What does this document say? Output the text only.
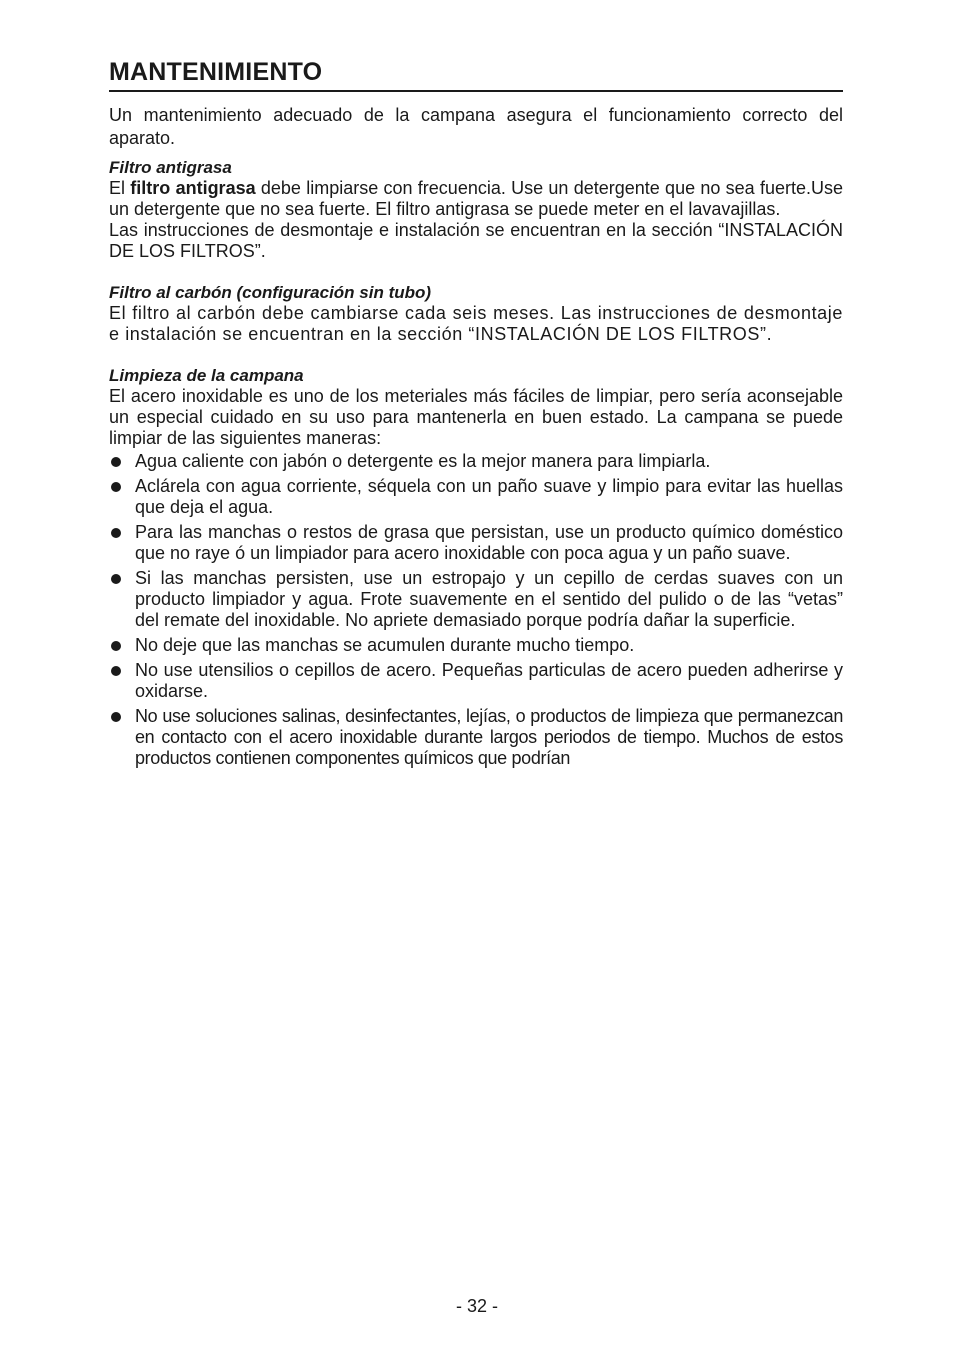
MANTENIMIENTO

Un mantenimiento adecuado de la campana asegura el funcionamiento correcto del aparato.

Filtro antigrasa

El filtro antigrasa debe limpiarse con frecuencia. Use un detergente que no sea fuerte.Use un detergente que no sea fuerte. El filtro antigrasa se puede meter en el lavavajillas.

Las instrucciones de desmontaje e instalación se encuentran en la sección “INSTALACIÓN DE LOS FILTROS”.

Filtro al carbón (configuración sin tubo)

El filtro al carbón debe cambiarse cada seis meses. Las instrucciones de desmontaje e instalación se encuentran en la sección “INSTALACIÓN DE LOS FILTROS”.

Limpieza de la campana

El acero inoxidable es uno de los meteriales más fáciles de limpiar, pero sería aconsejable un especial cuidado en su uso para mantenerla en buen estado. La campana se puede limpiar de las siguientes maneras:

Agua caliente con jabón o detergente es la mejor manera para limpiarla.
Aclárela con agua corriente, séquela con un paño suave y limpio para evitar las huellas que deja el agua.
Para las manchas o restos de grasa que persistan, use un producto químico doméstico que no raye ó un limpiador para acero inoxidable con poca agua y un paño suave.
Si las manchas persisten, use un estropajo y un cepillo de cerdas suaves con un producto limpiador y agua. Frote suavemente en el sentido del pulido o de las “vetas” del remate del inoxidable. No apriete demasiado porque podría dañar la superficie.
No deje que las manchas se acumulen durante mucho tiempo.
No use utensilios o cepillos de acero. Pequeñas particulas de acero pueden adherirse y oxidarse.
No use soluciones salinas, desinfectantes, lejías, o productos de limpieza que permanezcan en contacto con el acero inoxidable durante largos periodos de tiempo. Muchos de estos productos contienen componentes químicos que podrían
- 32 -
